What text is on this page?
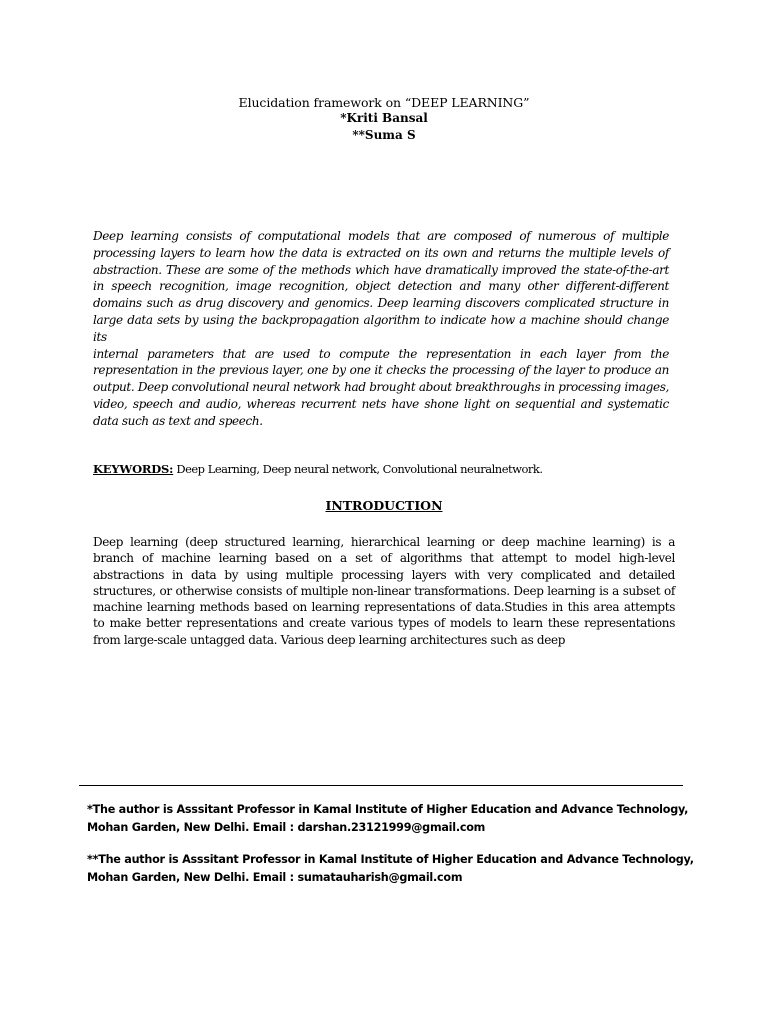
Elucidation framework on “DEEP LEARNING”
*Kriti Bansal
**Suma S

Deep learning consists of computational models that are composed of numerous of multiple processing layers to learn how the data is extracted on its own and returns the multiple levels of abstraction. These are some of the methods which have dramatically improved the state-of-the-art in speech recognition, image recognition, object detection and many other different-different domains such as drug discovery and genomics. Deep learning discovers complicated structure in large data sets by using the backpropagation algorithm to indicate how a machine should change its

internal parameters that are used to compute the representation in each layer from the representation in the previous layer, one by one it checks the processing of the layer to produce an output. Deep convolutional neural network had brought about breakthroughs in processing images, video, speech and audio, whereas recurrent nets have shone light on sequential and systematic data such as text and speech.

KEYWORDS: Deep Learning, Deep neural network, Convolutional neuralnetwork.
INTRODUCTION

Deep learning (deep structured learning, hierarchical learning or deep machine learning) is a branch of machine learning based on a set of algorithms that attempt to model high-level abstractions in data by using multiple processing layers with very complicated and detailed structures, or otherwise consists of multiple non-linear transformations. Deep learning is a subset of machine learning methods based on learning representations of data.Studies in this area attempts to make better representations and create various types of models to learn these representations from large-scale untagged data. Various deep learning architectures such as deep

*The author is Asssitant Professor in Kamal Institute of Higher Education and Advance Technology,
Mohan Garden, New Delhi. Email : darshan.23121999@gmail.com
**The author is Asssitant Professor in Kamal Institute of Higher Education and Advance Technology,
Mohan Garden, New Delhi. Email : sumatauharish@gmail.com
